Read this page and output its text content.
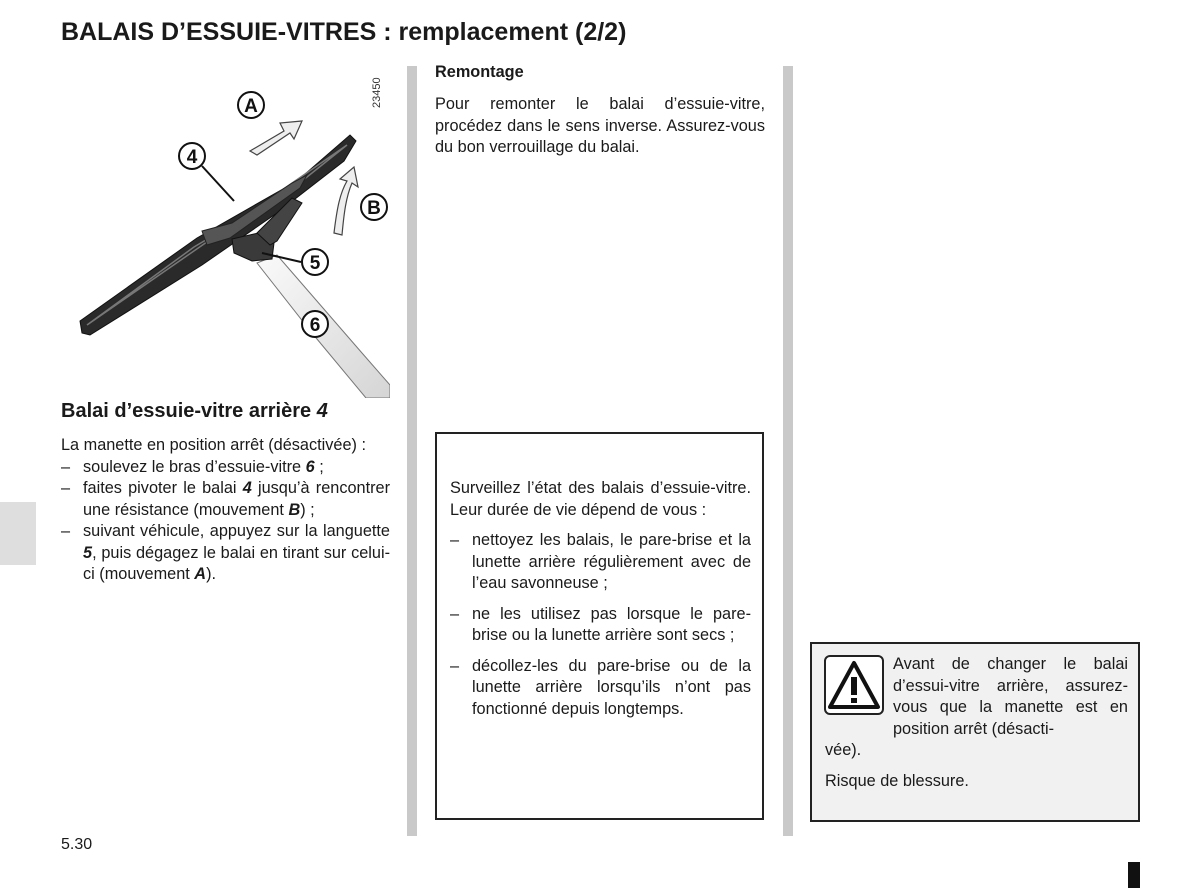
BALAIS D’ESSUIE-VITRES : remplacement (2/2)
A
4
B
5
6
23450
Balai d’essuie-vitre arrière 4

La manette en position arrêt (désactivée) :

– soulevez le bras d’essuie-vitre 6 ;
– faites pivoter le balai 4 jusqu’à rencontrer une résistance (mouvement B) ;
– suivant véhicule, appuyez sur la languette 5, puis dégagez le balai en tirant sur celui-ci (mouvement A).
Remontage

Pour remonter le balai d’essuie-vitre, procédez dans le sens inverse. Assurez-vous du bon verrouillage du balai.

Surveillez l’état des balais d’essuie-vitre. Leur durée de vie dépend de vous :

– nettoyez les balais, le pare-brise et la lunette arrière régulièrement avec de l’eau savonneuse ;
– ne les utilisez pas lorsque le pare-brise ou la lunette arrière sont secs ;
– décollez-les du pare-brise ou de la lunette arrière lorsqu’ils n’ont pas fonctionné depuis longtemps.
Avant de changer le balai d’essui-vitre arrière, assurez-vous que la manette est en position arrêt (désacti-
vée).
Risque de blessure.
5.30
